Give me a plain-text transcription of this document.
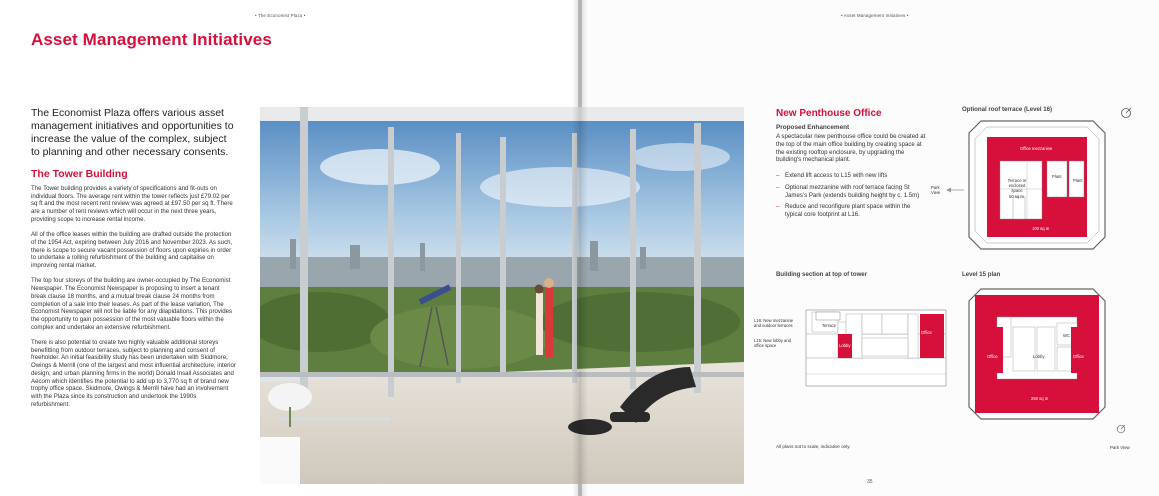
• The Economist Plaza •
Asset Management Initiatives

The Economist Plaza offers various asset management initiatives and opportunities to increase the value of the complex, subject to planning and other necessary consents.

The Tower Building

The Tower building provides a variety of specifications and fit-outs on individual floors. The average rent within the tower reflects just £79.02 per sq ft and the most recent rent review was agreed at £97.50 per sq ft. There are a number of rent reviews which will occur in the next three years, providing scope to increase rental income.

All of the office leases within the building are drafted outside the protection of the 1954 Act, expiring between July 2016 and November 2023. As such, there is scope to secure vacant possession of floors upon expiries in order to undertake a rolling refurbishment of the building and capitalise on improving rental market.

The top four storeys of the building are owner-occupied by The Economist Newspaper. The Economist Newspaper is proposing to insert a tenant break clause 18 months, and a mutual break clause 24 months from completion of a sale into their leases. As part of the lease variation, The Economist Newspaper will not be liable for any dilapidations. This provides the opportunity to gain possession of the most valuable floors within the complex and undertake an extensive refurbishment.

There is also potential to create two highly valuable additional storeys benefitting from outdoor terraces, subject to planning and consent of freeholder. An initial feasibility study has been undertaken with Skidmore, Owings & Merrill (one of the largest and most influential architecture, interior design, and urban planning firms in the world) Donald Insall Associates and Aecom which identifies the potential to add up to 3,770 sq ft of brand new trophy office space. Skidmore, Owings & Merrill have had an involvement with the Plaza since its construction and undertook the 1990s refurbishment.

• Asset Management Initiatives •
New Penthouse Office
Proposed Enhancement

A spectacular new penthouse office could be created at the top of the main office building by creating space at the existing rooftop enclosure, by upgrading the building's mechanical plant.

– Extend lift access to L15 with new lifts
– Optional mezzanine with roof terrace facing St James's Park (extends building height by c. 1.5m)
– Reduce and reconfigure plant space within the typical core footprint at L16.
Optional roof terrace (Level 16)
Office mezzanine
Plant
Plant
Terrace or enclosed space
50 sq m
100 sq m
Park View
Building section at top of tower
Terrace
Lobby
Office
L16: New mezzanine and outdoor terraces
L15: New lobby and office space
All plans not to scale, indicative only.
Level 15 plan
Office	Office
WC
Lobby
250 sq m
Park View
35
